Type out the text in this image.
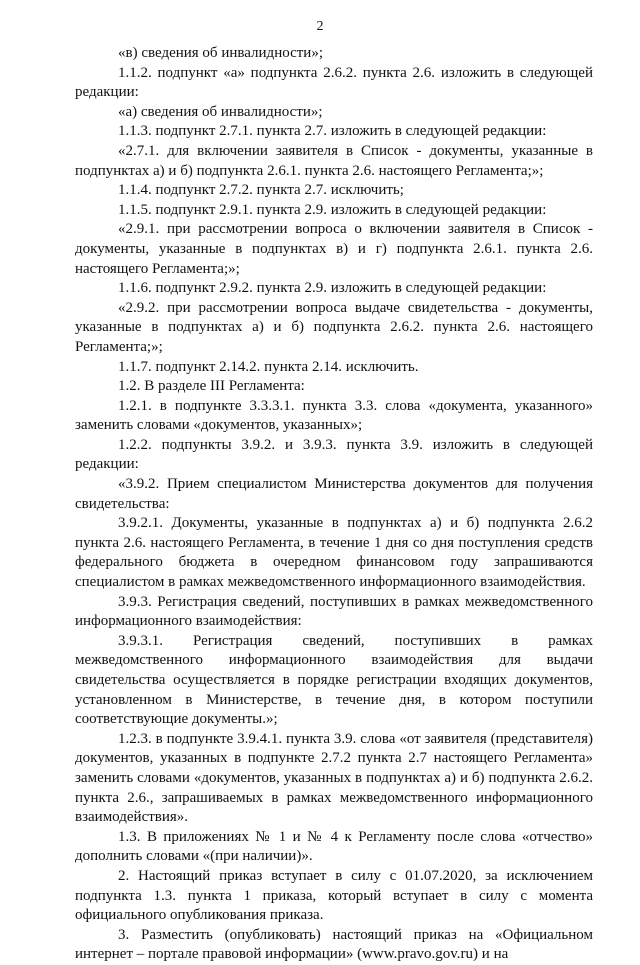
2

«в) сведения об инвалидности»;

1.1.2. подпункт «а» подпункта 2.6.2. пункта 2.6. изложить в следующей редакции:

«а) сведения об инвалидности»;

1.1.3. подпункт 2.7.1. пункта 2.7. изложить в следующей редакции:

«2.7.1. для включении заявителя в Список - документы, указанные в подпунктах а) и б) подпункта 2.6.1. пункта 2.6. настоящего Регламента;»;

1.1.4. подпункт 2.7.2. пункта 2.7. исключить;

1.1.5. подпункт 2.9.1. пункта 2.9. изложить в следующей редакции:

«2.9.1. при рассмотрении вопроса о включении заявителя в Список - документы, указанные в подпунктах в) и г) подпункта 2.6.1. пункта 2.6. настоящего Регламента;»;

1.1.6. подпункт 2.9.2. пункта 2.9. изложить в следующей редакции:

«2.9.2. при рассмотрении вопроса выдаче свидетельства - документы, указанные в подпунктах а) и б) подпункта 2.6.2. пункта 2.6. настоящего Регламента;»;

1.1.7. подпункт 2.14.2. пункта 2.14. исключить.

1.2. В разделе III Регламента:

1.2.1. в подпункте 3.3.3.1. пункта 3.3. слова «документа, указанного» заменить словами «документов, указанных»;

1.2.2. подпункты 3.9.2. и 3.9.3. пункта 3.9. изложить в следующей редакции:

«3.9.2. Прием специалистом Министерства документов для получения свидетельства:

3.9.2.1. Документы, указанные в подпунктах а) и б) подпункта 2.6.2 пункта 2.6. настоящего Регламента, в течение 1 дня со дня поступления средств федерального бюджета в очередном финансовом году запрашиваются специалистом в рамках межведомственного информационного взаимодействия.

3.9.3. Регистрация сведений, поступивших в рамках межведомственного информационного взаимодействия:

3.9.3.1. Регистрация сведений, поступивших в рамках межведомственного информационного взаимодействия для выдачи свидетельства осуществляется в порядке регистрации входящих документов, установленном в Министерстве, в течение дня, в котором поступили соответствующие документы.»;

1.2.3. в подпункте 3.9.4.1. пункта 3.9. слова «от заявителя (представителя) документов, указанных в подпункте 2.7.2 пункта 2.7 настоящего Регламента» заменить словами «документов, указанных в подпунктах а) и б) подпункта 2.6.2. пункта 2.6., запрашиваемых в рамках межведомственного информационного взаимодействия».

1.3. В приложениях № 1 и № 4 к Регламенту после слова «отчество» дополнить словами «(при наличии)».

2. Настоящий приказ вступает в силу с 01.07.2020, за исключением подпункта 1.3. пункта 1 приказа, который вступает в силу с момента официального опубликования приказа.

3. Разместить (опубликовать) настоящий приказ на «Официальном интернет – портале правовой информации» (www.pravo.gov.ru) и на
